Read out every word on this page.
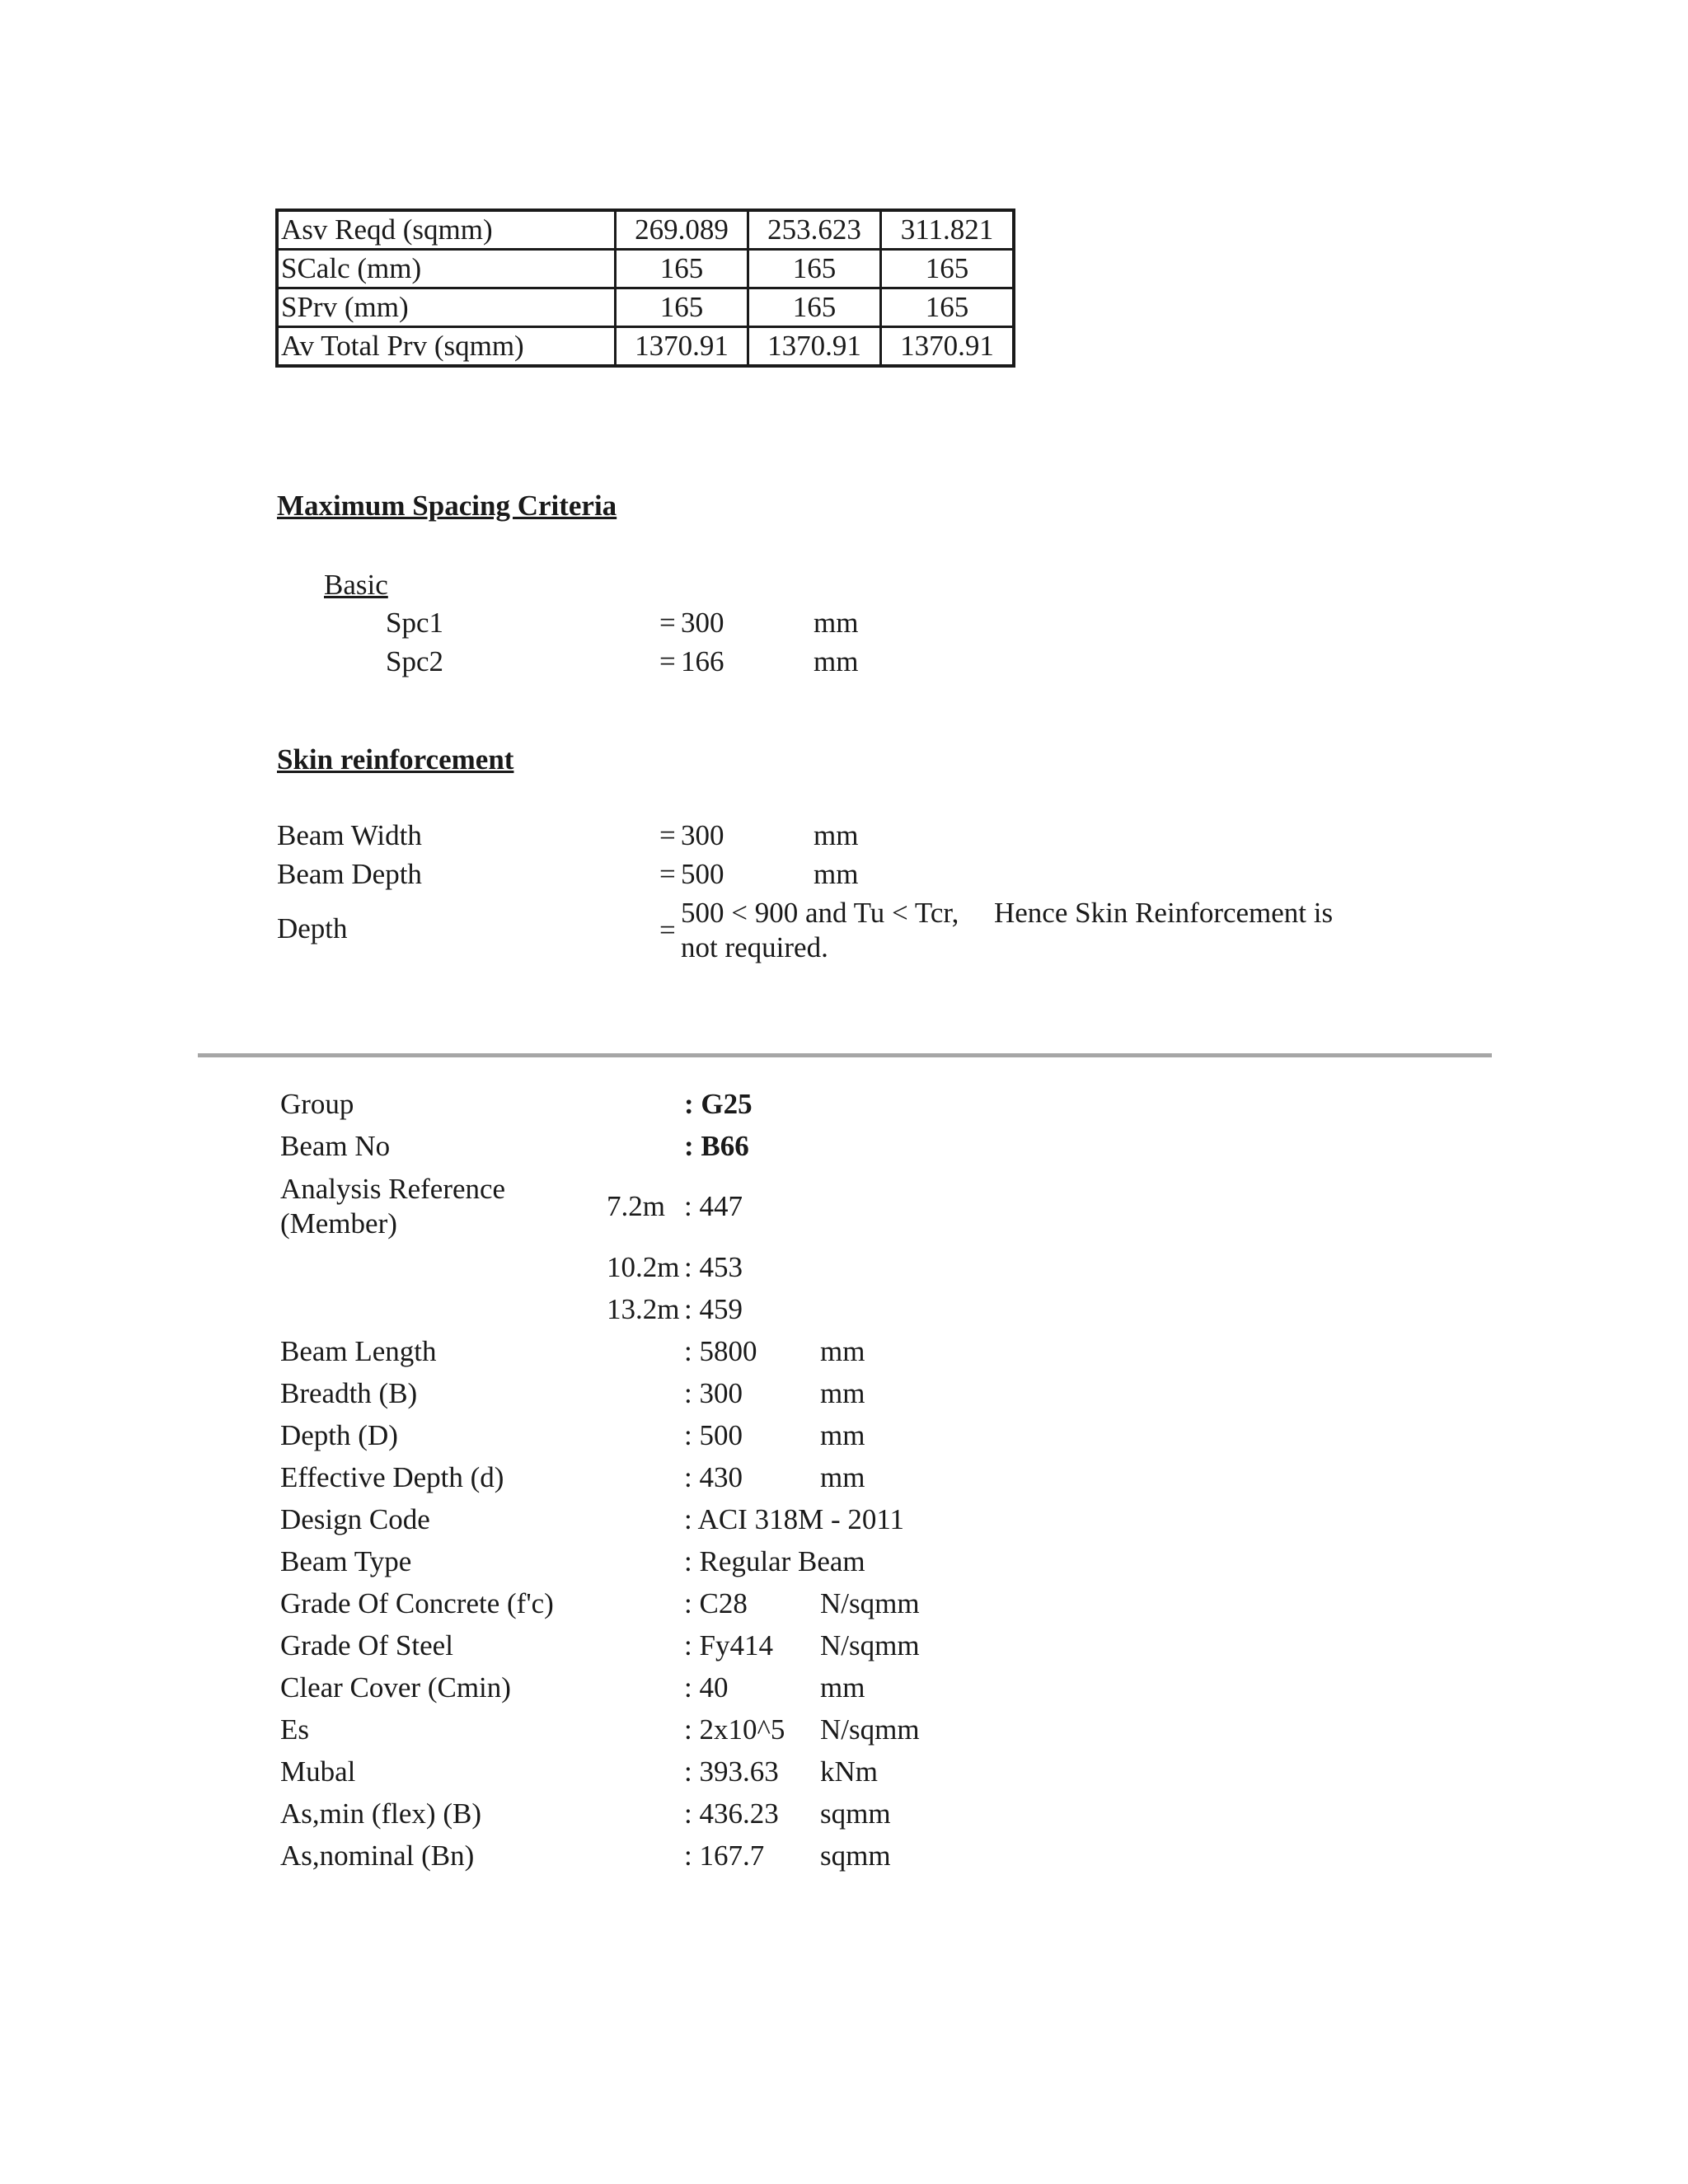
Asv Reqd (sqmm)	269.089	253.623	311.821
SCalc (mm)	165	165	165
SPrv (mm)	165	165	165
Av Total Prv (sqmm)	1370.91	1370.91	1370.91
Maximum Spacing Criteria
Basic
Spc1	= 300	mm
Spc2	= 166	mm
Skin reinforcement
Beam Width	= 300	mm
Beam Depth	= 500	mm
Depth	=
500 < 900 and Tu < Tcr, Hence Skin Reinforcement is
not required.
Group	: G25
Beam No	: B66
Analysis Reference
(Member)
7.2m : 447
10.2m : 453
13.2m : 459
Beam Length	: 5800 mm
Breadth (B)	: 300	mm
Depth (D)	: 500	mm
Effective Depth (d)	: 430	mm
Design Code	: ACI 318M - 2011
Beam Type	: Regular Beam
Grade Of Concrete (f'c)	: C28	N/sqmm
Grade Of Steel	: Fy414 N/sqmm
Clear Cover (Cmin)	: 40	mm
Es	: 2x10^5 N/sqmm
Mubal	: 393.63 kNm
As,min (flex) (B)	: 436.23 sqmm
As,nominal (Bn)	: 167.7 sqmm
